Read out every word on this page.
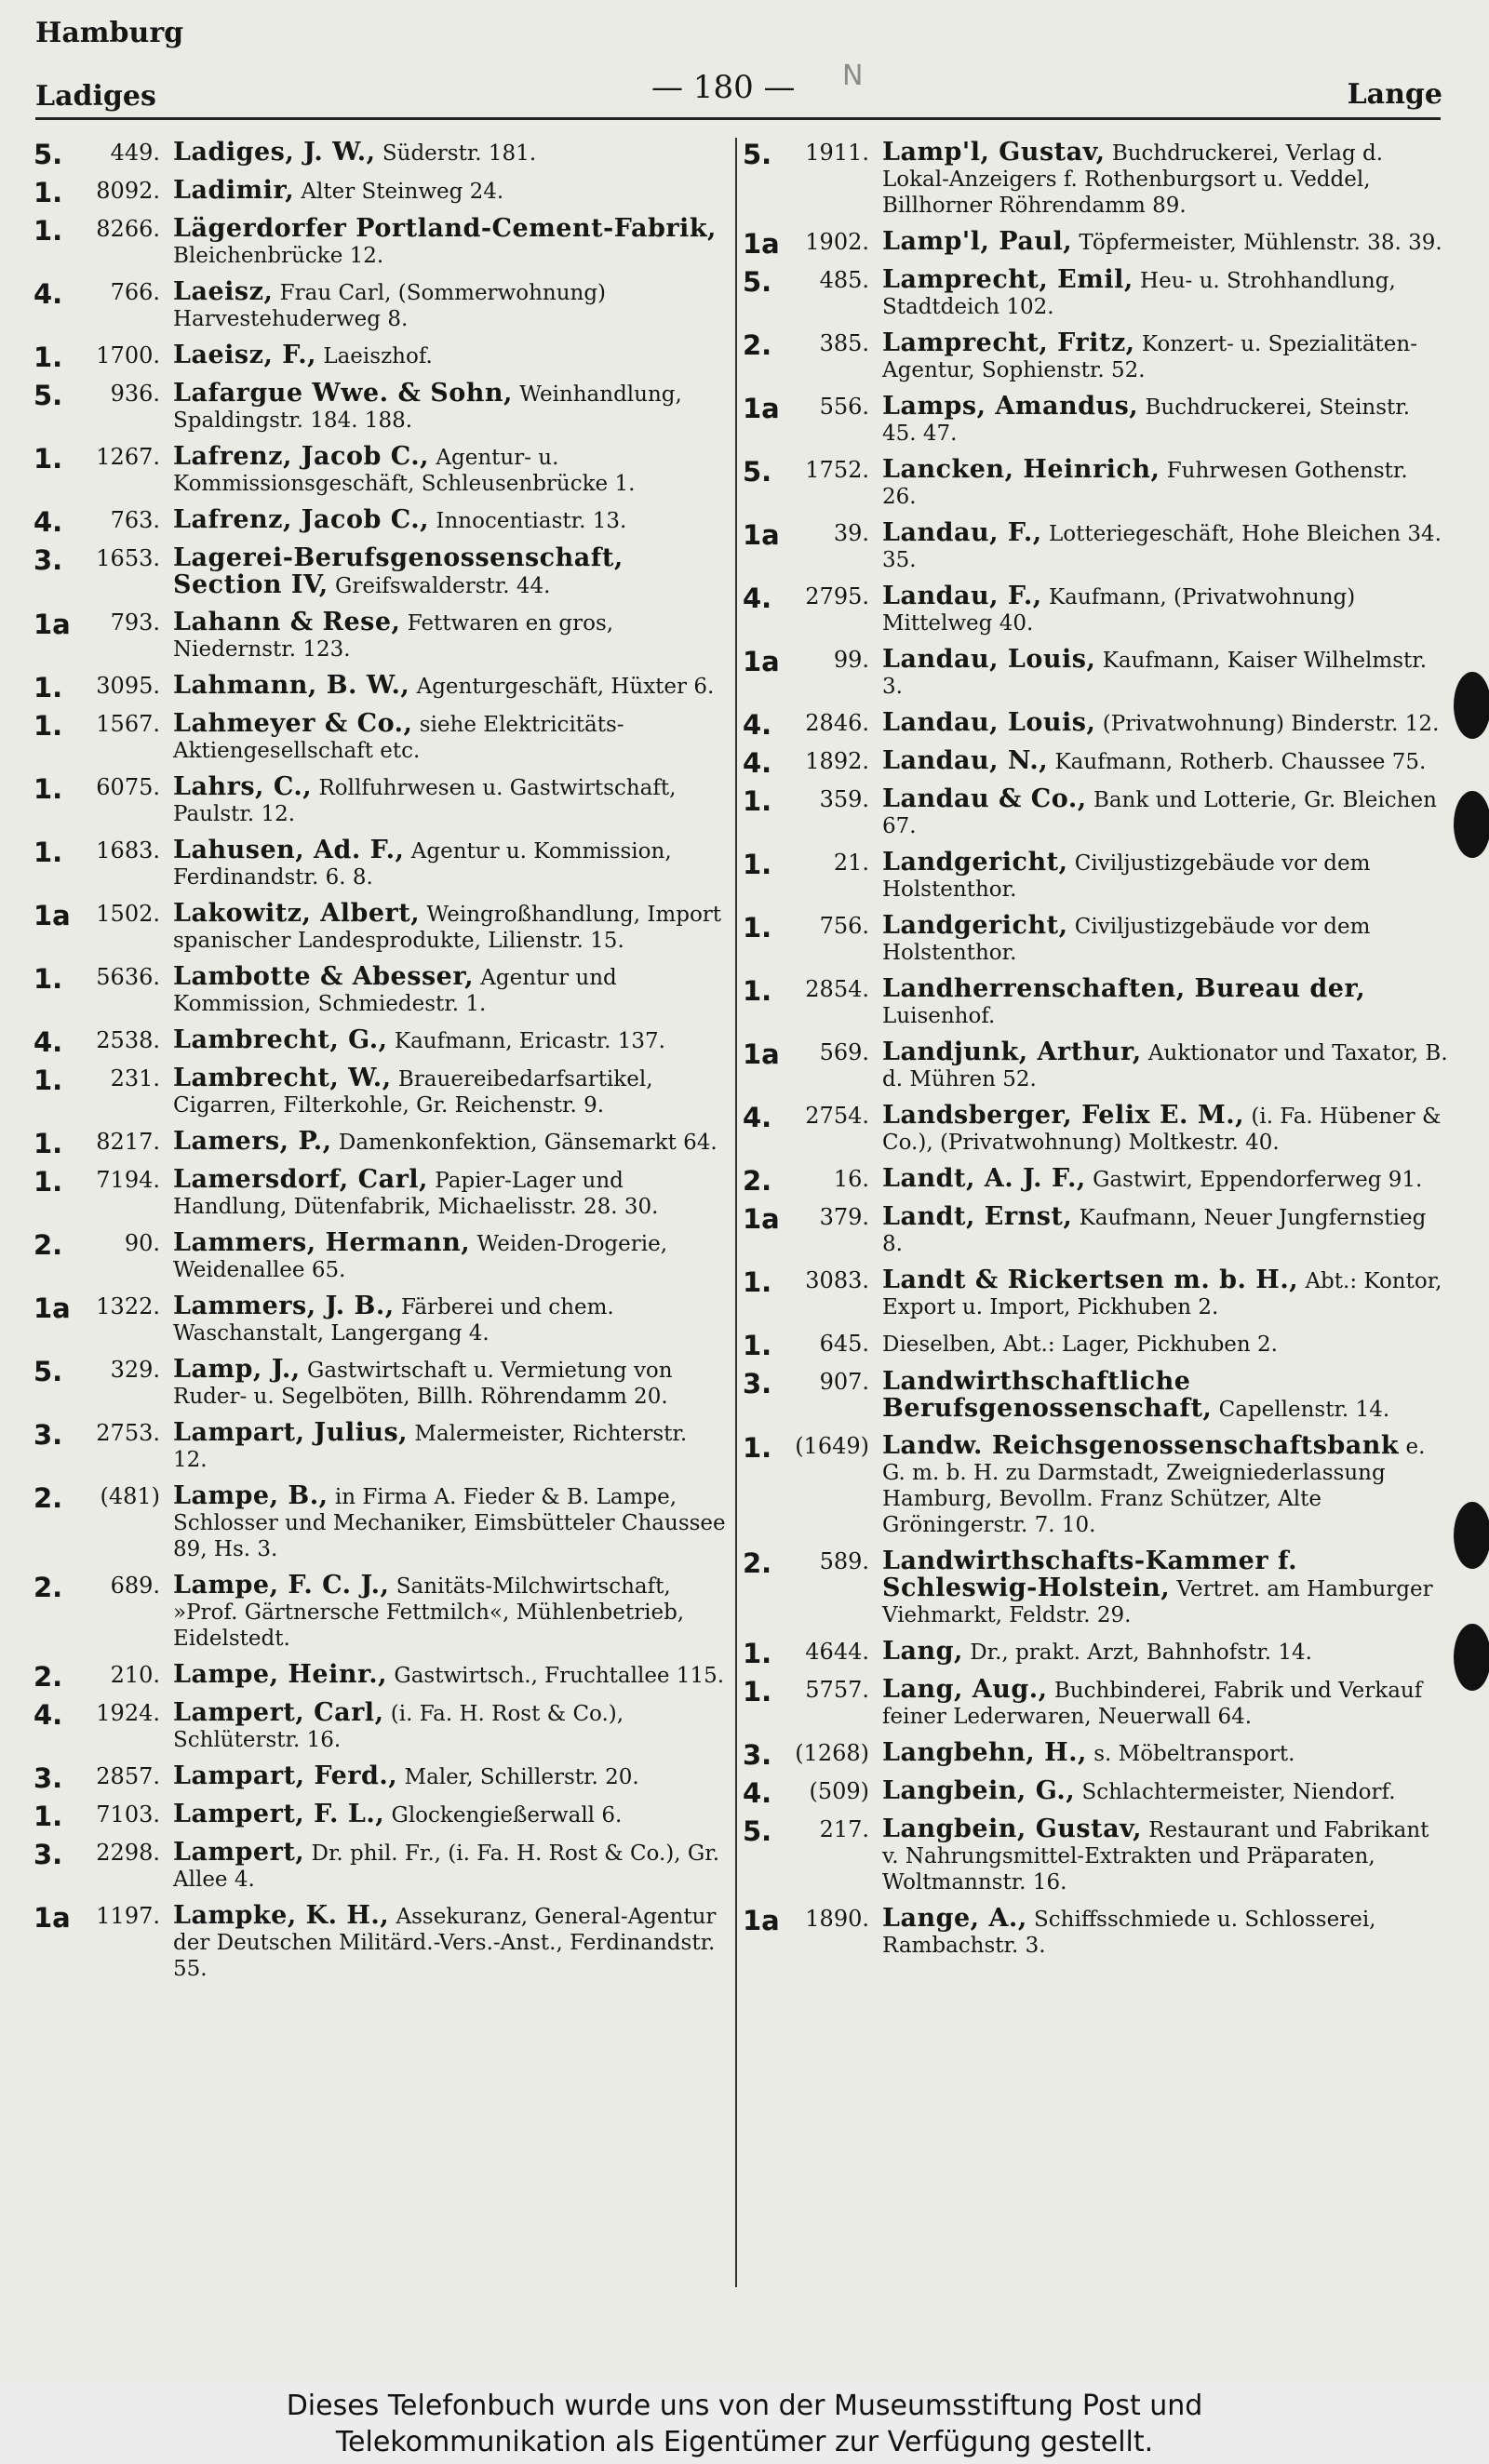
Hamburg
Ladiges	— 180 — N
Lange
5.	449. Ladiges, J. W., Süderstr. 181.
1.	8092. Ladimir, Alter Steinweg 24.
1.	8266. Lägerdorfer Portland-Cement-Fabrik, Bleichenbrücke 12.
4.	766. Laeisz, Frau Carl, (Sommerwohnung) Harvestehuderweg 8.
1.	1700. Laeisz, F., Laeiszhof.
5.	936. Lafargue Wwe. & Sohn, Weinhandlung, Spaldingstr. 184. 188.
1.	1267. Lafrenz, Jacob C., Agentur- u. Kommissionsgeschäft, Schleusenbrücke 1.
4.	763. Lafrenz, Jacob C., Innocentiastr. 13.
3.	1653. Lagerei-Berufsgenossenschaft, Section IV, Greifswalderstr. 44.
1a	793. Lahann & Rese, Fettwaren en gros, Niedernstr. 123.
1.	3095. Lahmann, B. W., Agenturgeschäft, Hüxter 6.
1.	1567. Lahmeyer & Co., siehe Elektricitäts-Aktiengesellschaft etc.
1.	6075. Lahrs, C., Rollfuhrwesen u. Gastwirtschaft, Paulstr. 12.
1.	1683. Lahusen, Ad. F., Agentur u. Kommission, Ferdinandstr. 6. 8.
1a	1502. Lakowitz, Albert, Weingroßhandlung, Import spanischer Landesprodukte, Lilienstr. 15.
1.	5636. Lambotte & Abesser, Agentur und Kommission, Schmiedestr. 1.
4.	2538. Lambrecht, G., Kaufmann, Ericastr. 137.
1.	231. Lambrecht, W., Brauereibedarfsartikel, Cigarren, Filterkohle, Gr. Reichenstr. 9.
1.	8217. Lamers, P., Damenkonfektion, Gänsemarkt 64.
1.	7194. Lamersdorf, Carl, Papier-Lager und Handlung, Dütenfabrik, Michaelisstr. 28. 30.
2.	90. Lammers, Hermann, Weiden-Drogerie, Weidenallee 65.
1a	1322. Lammers, J. B., Färberei und chem. Waschanstalt, Langergang 4.
5.	329. Lamp, J., Gastwirtschaft u. Vermietung von Ruder- u. Segelböten, Billh. Röhrendamm 20.
3.	2753. Lampart, Julius, Malermeister, Richterstr. 12.
2.	(481) Lampe, B., in Firma A. Fieder & B. Lampe, Schlosser und Mechaniker, Eimsbütteler Chaussee 89, Hs. 3.
2.	689. Lampe, F. C. J., Sanitäts-Milchwirtschaft, »Prof. Gärtnersche Fettmilch«, Mühlenbetrieb, Eidelstedt.
2.	210. Lampe, Heinr., Gastwirtsch., Fruchtallee 115.
4.	1924. Lampert, Carl, (i. Fa. H. Rost & Co.), Schlüterstr. 16.
3.	2857. Lampart, Ferd., Maler, Schillerstr. 20.
1.	7103. Lampert, F. L., Glockengießerwall 6.
3.	2298. Lampert, Dr. phil. Fr., (i. Fa. H. Rost & Co.), Gr. Allee 4.
1a	1197. Lampke, K. H., Assekuranz, General-Agentur der Deutschen Militärd.-Vers.-Anst., Ferdinandstr. 55.
5.	1911. Lamp'l, Gustav, Buchdruckerei, Verlag d. Lokal-Anzeigers f. Rothenburgsort u. Veddel, Billhorner Röhrendamm 89.
1a	1902. Lamp'l, Paul, Töpfermeister, Mühlenstr. 38. 39.
5.	485. Lamprecht, Emil, Heu- u. Strohhandlung, Stadtdeich 102.
2.	385. Lamprecht, Fritz, Konzert- u. Spezialitäten-Agentur, Sophienstr. 52.
1a	556. Lamps, Amandus, Buchdruckerei, Steinstr. 45. 47.
5.	1752. Lancken, Heinrich, Fuhrwesen Gothenstr. 26.
1a	39. Landau, F., Lotteriegeschäft, Hohe Bleichen 34. 35.
4.	2795. Landau, F., Kaufmann, (Privatwohnung) Mittelweg 40.
1a	99. Landau, Louis, Kaufmann, Kaiser Wilhelmstr. 3.
4.	2846. Landau, Louis, (Privatwohnung) Binderstr. 12.
4.	1892. Landau, N., Kaufmann, Rotherb. Chaussee 75.
1.	359. Landau & Co., Bank und Lotterie, Gr. Bleichen 67.
1.	21. Landgericht, Civiljustizgebäude vor dem Holstenthor.
1.	756. Landgericht, Civiljustizgebäude vor dem Holstenthor.
1.	2854. Landherrenschaften, Bureau der, Luisenhof.
1a	569. Landjunk, Arthur, Auktionator und Taxator, B. d. Mühren 52.
4.	2754. Landsberger, Felix E. M., (i. Fa. Hübener & Co.), (Privatwohnung) Moltkestr. 40.
2.	16. Landt, A. J. F., Gastwirt, Eppendorferweg 91.
1a	379. Landt, Ernst, Kaufmann, Neuer Jungfernstieg 8.
1.	3083. Landt & Rickertsen m. b. H., Abt.: Kontor, Export u. Import, Pickhuben 2.
1.	645. Dieselben, Abt.: Lager, Pickhuben 2.
3.	907. Landwirthschaftliche Berufsgenossenschaft, Capellenstr. 14.
1.	(1649) Landw. Reichsgenossenschaftsbank e. G. m. b. H. zu Darmstadt, Zweigniederlassung Hamburg, Bevollm. Franz Schützer, Alte Gröningerstr. 7. 10.
2.	589. Landwirthschafts-Kammer f. Schleswig-Holstein, Vertret. am Hamburger Viehmarkt, Feldstr. 29.
1.	4644. Lang, Dr., prakt. Arzt, Bahnhofstr. 14.
1.	5757. Lang, Aug., Buchbinderei, Fabrik und Verkauf feiner Lederwaren, Neuerwall 64.
3.	(1268) Langbehn, H., s. Möbeltransport.
4.	(509) Langbein, G., Schlachtermeister, Niendorf.
5.	217. Langbein, Gustav, Restaurant und Fabrikant v. Nahrungsmittel-Extrakten und Präparaten, Woltmannstr. 16.
1a	1890. Lange, A., Schiffsschmiede u. Schlosserei, Rambachstr. 3.
Dieses Telefonbuch wurde uns von der Museumsstiftung Post und
Telekommunikation als Eigentümer zur Verfügung gestellt.
